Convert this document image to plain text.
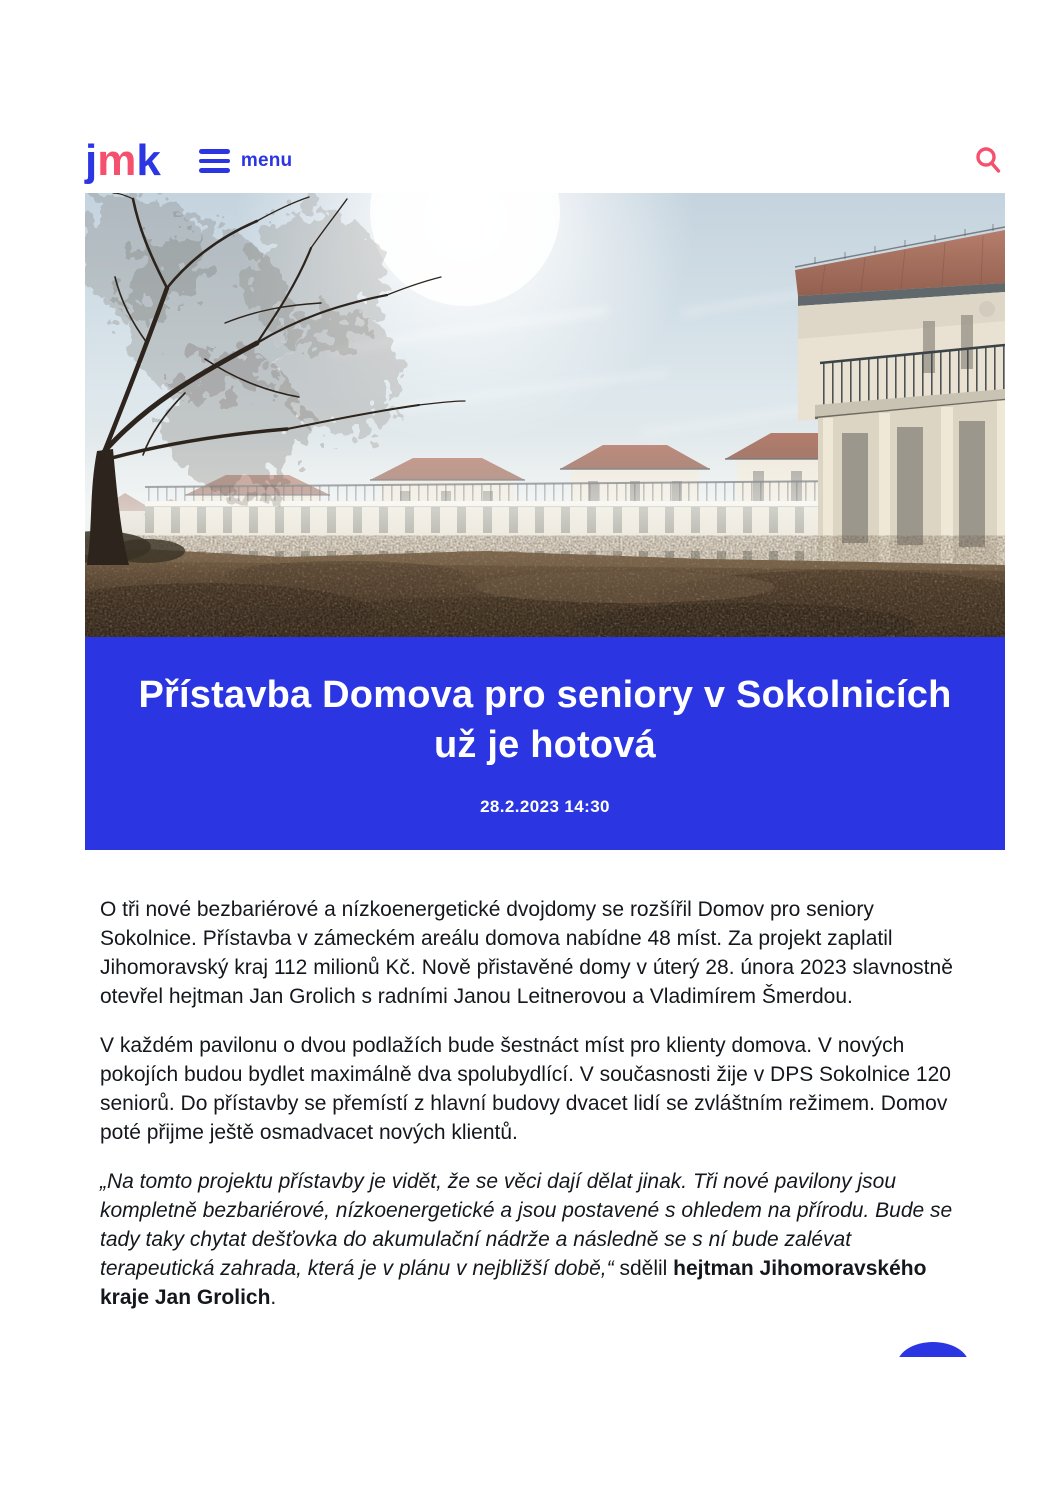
j m k	menu
Přístavba Domova pro seniory v Sokolnicích
už je hotová
28.2.2023 14:30

O tři nové bezbariérové a nízkoenergetické dvojdomy se rozšířil Domov pro seniory Sokolnice. Přístavba v zámeckém areálu domova nabídne 48 míst. Za projekt zaplatil Jihomoravský kraj 112 milionů Kč. Nově přistavěné domy v úterý 28. února 2023 slavnostně otevřel hejtman Jan Grolich s radními Janou Leitnerovou a Vladimírem Šmerdou.

V každém pavilonu o dvou podlažích bude šestnáct míst pro klienty domova. V nových pokojích budou bydlet maximálně dva spolubydlící. V současnosti žije v DPS Sokolnice 120 seniorů. Do přístavby se přemístí z hlavní budovy dvacet lidí se zvláštním režimem. Domov poté přijme ještě osmadvacet nových klientů.

„Na tomto projektu přístavby je vidět, že se věci dají dělat jinak. Tři nové pavilony jsou kompletně bezbariérové, nízkoenergetické a jsou postavené s ohledem na přírodu. Bude se tady taky chytat dešťovka do akumulační nádrže a následně se s ní bude zalévat terapeutická zahrada, která je v plánu v nejbližší době,“ sdělil hejtman Jihomoravského kraje Jan Grolich.
